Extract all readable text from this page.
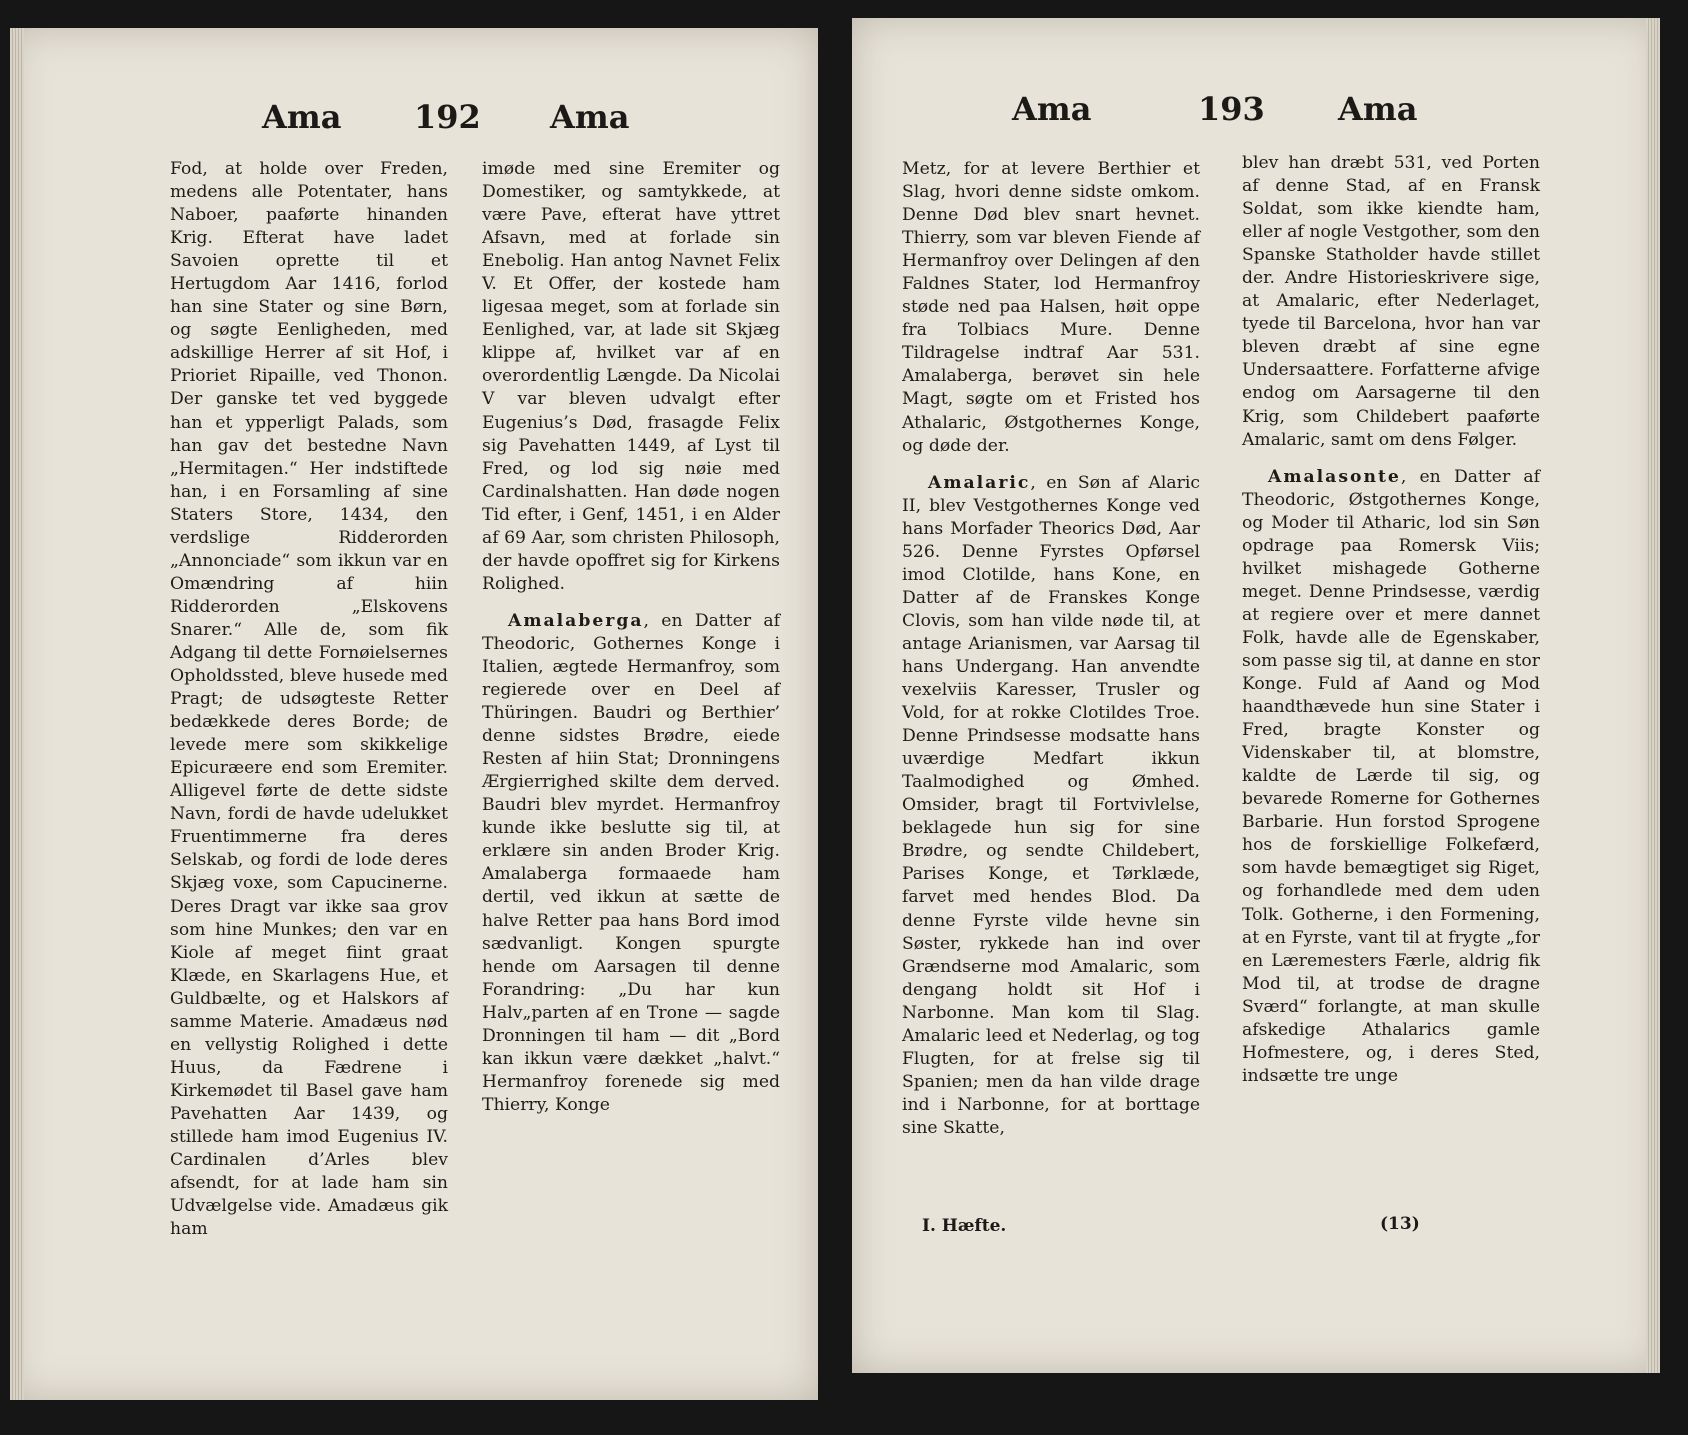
Ama 192 Ama

Fod, at holde over Freden, medens alle Potentater, hans Naboer, paaførte hinanden Krig. Efterat have ladet Savoien oprette til et Hertugdom Aar 1416, forlod han sine Stater og sine Børn, og søgte Eenligheden, med adskillige Herrer af sit Hof, i Prioriet Ripaille, ved Thonon. Der ganske tet ved byggede han et ypperligt Palads, som han gav det bestedne Navn „Hermitagen.“ Her indstiftede han, i en Forsamling af sine Staters Store, 1434, den verdslige Ridderorden „Annonciade“ som ikkun var en Omændring af hiin Ridderorden „Elskovens Snarer.“ Alle de, som fik Adgang til dette Fornøielsernes Opholdssted, bleve husede med Pragt; de udsøgteste Retter bedækkede deres Borde; de levede mere som skikkelige Epicuræere end som Eremiter. Alligevel førte de dette sidste Navn, fordi de havde udelukket Fruentimmerne fra deres Selskab, og fordi de lode deres Skjæg voxe, som Capucinerne. Deres Dragt var ikke saa grov som hine Munkes; den var en Kiole af meget fiint graat Klæde, en Skarlagens Hue, et Guldbælte, og et Halskors af samme Materie. Amadæus nød en vellystig Rolighed i dette Huus, da Fædrene i Kirkemødet til Basel gave ham Pavehatten Aar 1439, og stillede ham imod Eugenius IV. Cardinalen d’Arles blev afsendt, for at lade ham sin Udvælgelse vide. Amadæus gik ham

imøde med sine Eremiter og Domestiker, og samtykkede, at være Pave, efterat have yttret Afsavn, med at forlade sin Enebolig. Han antog Navnet Felix V. Et Offer, der kostede ham ligesaa meget, som at forlade sin Eenlighed, var, at lade sit Skjæg klippe af, hvilket var af en overordentlig Længde. Da Nicolai V var bleven udvalgt efter Eugenius’s Død, frasagde Felix sig Pavehatten 1449, af Lyst til Fred, og lod sig nøie med Cardinalshatten. Han døde nogen Tid efter, i Genf, 1451, i en Alder af 69 Aar, som christen Philosoph, der havde opoffret sig for Kirkens Rolighed.

Amalaberga, en Datter af Theodoric, Gothernes Konge i Italien, ægtede Hermanfroy, som regierede over en Deel af Thüringen. Baudri og Berthier’ denne sidstes Brødre, eiede Resten af hiin Stat; Dronningens Ærgierrighed skilte dem derved. Baudri blev myrdet. Hermanfroy kunde ikke beslutte sig til, at erklære sin anden Broder Krig. Amalaberga formaaede ham dertil, ved ikkun at sætte de halve Retter paa hans Bord imod sædvanligt. Kongen spurgte hende om Aarsagen til denne Forandring: „Du har kun Halv„parten af en Trone — sagde Dronningen til ham — dit „Bord kan ikkun være dækket „halvt.“ Hermanfroy forenede sig med Thierry, Konge

Ama	193 Ama

Metz, for at levere Berthier et Slag, hvori denne sidste omkom. Denne Død blev snart hevnet. Thierry, som var bleven Fiende af Hermanfroy over Delingen af den Faldnes Stater, lod Hermanfroy støde ned paa Halsen, høit oppe fra Tolbiacs Mure. Denne Tildragelse indtraf Aar 531. Amalaberga, berøvet sin hele Magt, søgte om et Fristed hos Athalaric, Østgothernes Konge, og døde der.

Amalaric, en Søn af Alaric II, blev Vestgothernes Konge ved hans Morfader Theorics Død, Aar 526. Denne Fyrstes Opførsel imod Clotilde, hans Kone, en Datter af de Franskes Konge Clovis, som han vilde nøde til, at antage Arianismen, var Aarsag til hans Undergang. Han anvendte vexelviis Karesser, Trusler og Vold, for at rokke Clotildes Troe. Denne Prindsesse modsatte hans uværdige Medfart ikkun Taalmodighed og Ømhed. Omsider, bragt til Fortvivlelse, beklagede hun sig for sine Brødre, og sendte Childebert, Parises Konge, et Tørklæde, farvet med hendes Blod. Da denne Fyrste vilde hevne sin Søster, rykkede han ind over Grændserne mod Amalaric, som dengang holdt sit Hof i Narbonne. Man kom til Slag. Amalaric leed et Nederlag, og tog Flugten, for at frelse sig til Spanien; men da han vilde drage ind i Narbonne, for at borttage sine Skatte,

blev han dræbt 531, ved Porten af denne Stad, af en Fransk Soldat, som ikke kiendte ham, eller af nogle Vestgother, som den Spanske Statholder havde stillet der. Andre Historieskrivere sige, at Amalaric, efter Nederlaget, tyede til Barcelona, hvor han var bleven dræbt af sine egne Undersaattere. Forfatterne afvige endog om Aarsagerne til den Krig, som Childebert paaførte Amalaric, samt om dens Følger.

Amalasonte, en Datter af Theodoric, Østgothernes Konge, og Moder til Atharic, lod sin Søn opdrage paa Romersk Viis; hvilket mishagede Gotherne meget. Denne Prindsesse, værdig at regiere over et mere dannet Folk, havde alle de Egenskaber, som passe sig til, at danne en stor Konge. Fuld af Aand og Mod haandthævede hun sine Stater i Fred, bragte Konster og Videnskaber til, at blomstre, kaldte de Lærde til sig, og bevarede Romerne for Gothernes Barbarie. Hun forstod Sprogene hos de forskiellige Folkefærd, som havde bemægtiget sig Riget, og forhandlede med dem uden Tolk. Gotherne, i den Formening, at en Fyrste, vant til at frygte „for en Læremesters Færle, aldrig fik Mod til, at trodse de dragne Sværd“ forlangte, at man skulle afskedige Athalarics gamle Hofmestere, og, i deres Sted, indsætte tre unge

I. Hæfte.	(13)
